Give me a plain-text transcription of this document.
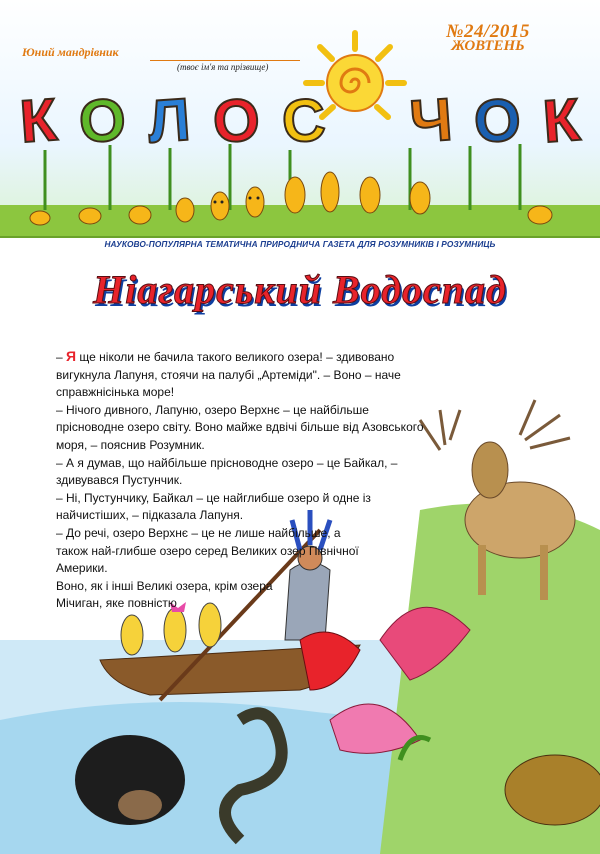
Юний мандрівник
(твоє ім'я та прізвище)
№24/2015
ЖОВТЕНЬ
К О Л О С Ч О К
НАУКОВО-ПОПУЛЯРНА ТЕМАТИЧНА ПРИРОДНИЧА ГАЗЕТА ДЛЯ РОЗУМНИКІВ І РОЗУМНИЦЬ
Ніагарський Водоспад

– Я ще ніколи не бачила такого великого озера! – здивовано вигукнула Лапуня, стоячи на палубі „Артеміди". – Воно – наче справжнісінька море!

– Нічого дивного, Лапуню, озеро Верхнє – це найбільше прісноводне озеро світу. Воно майже вдвічі більше від Азовського моря, – пояснив Розумник.

– А я думав, що найбільше прісноводне озеро – це Байкал, – здивувався Пустунчик.

– Ні, Пустунчику, Байкал – це найглибше озеро й одне із найчистіших, – підказала Лапуня.

– До речі, озеро Верхнє – це не лише найбільше, а також най-глибше озеро серед Великих озер Північної Америки.

Воно, як і інші Великі озера, крім озера Мічиган, яке повністю
